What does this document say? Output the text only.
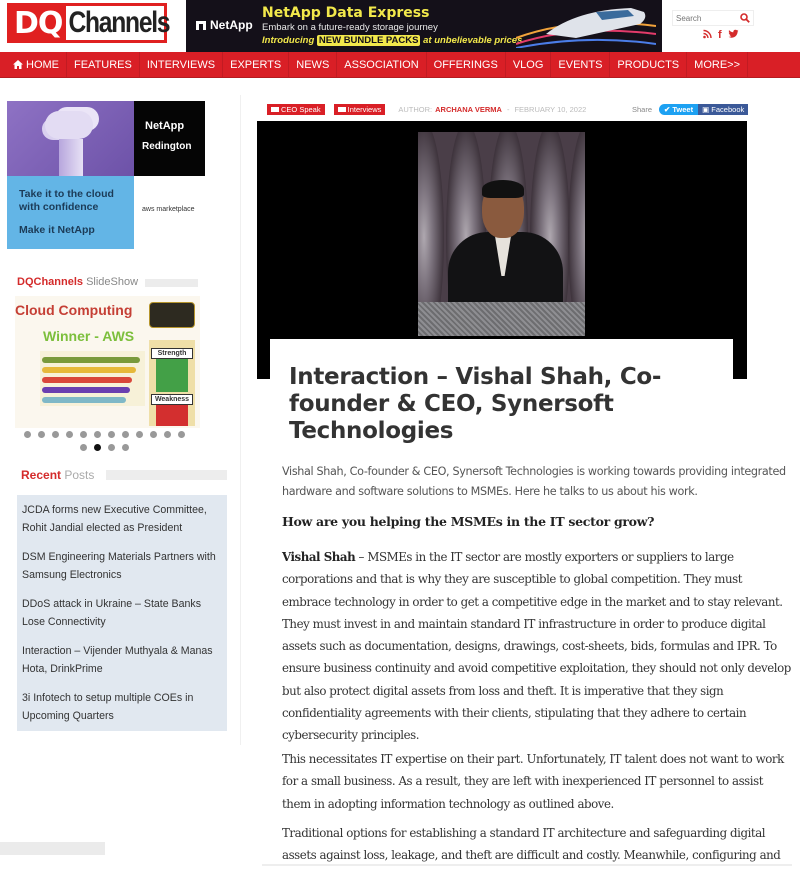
DQ Channels	NetApp
NetApp Data Express
Embark on a future-ready storage journey
Introducing NEW BUNDLE PACKS at unbelievable prices
Search	f
HOME	FEATURES	INTERVIEWS	EXPERTS	NEWS	ASSOCIATION	OFFERINGS	VLOG	EVENTS	PRODUCTS	MORE>>
NetApp
Redington
Take it to the cloud with confidence
Make it NetApp
aws marketplace
DQChannels SlideShow
Cloud Computing
Winner - AWS
Strength
Weakness
Recent Posts
JCDA forms new Executive Committee, Rohit Jandial elected as President
DSM Engineering Materials Partners with Samsung Electronics
DDoS attack in Ukraine – State Banks Lose Connectivity
Interaction – Vijender Muthyala & Manas Hota, DrinkPrime
3i Infotech to setup multiple COEs in Upcoming Quarters
CEO Speak	Interviews AUTHOR: ARCHANA VERMA - FEBRUARY 10, 2022	Share	✔ Tweet	▣ Facebook
Interaction – Vishal Shah, Co-founder & CEO, Synersoft Technologies

Vishal Shah, Co-founder & CEO, Synersoft Technologies is working towards providing integrated hardware and software solutions to MSMEs. Here he talks to us about his work.

How are you helping the MSMEs in the IT sector grow?

Vishal Shah – MSMEs in the IT sector are mostly exporters or suppliers to large corporations and that is why they are susceptible to global competition. They must embrace technology in order to get a competitive edge in the market and to stay relevant. They must invest in and maintain standard IT infrastructure in order to produce digital assets such as documentation, designs, drawings, cost-sheets, bids, formulas and IPR. To ensure business continuity and avoid competitive exploitation, they should not only develop but also protect digital assets from loss and theft. It is imperative that they sign confidentiality agreements with their clients, stipulating that they adhere to certain cybersecurity principles.

This necessitates IT expertise on their part. Unfortunately, IT talent does not want to work for a small business. As a result, they are left with inexperienced IT personnel to assist them in adopting information technology as outlined above.

Traditional options for establishing a standard IT architecture and safeguarding digital assets against loss, leakage, and theft are difficult and costly. Meanwhile, configuring and
